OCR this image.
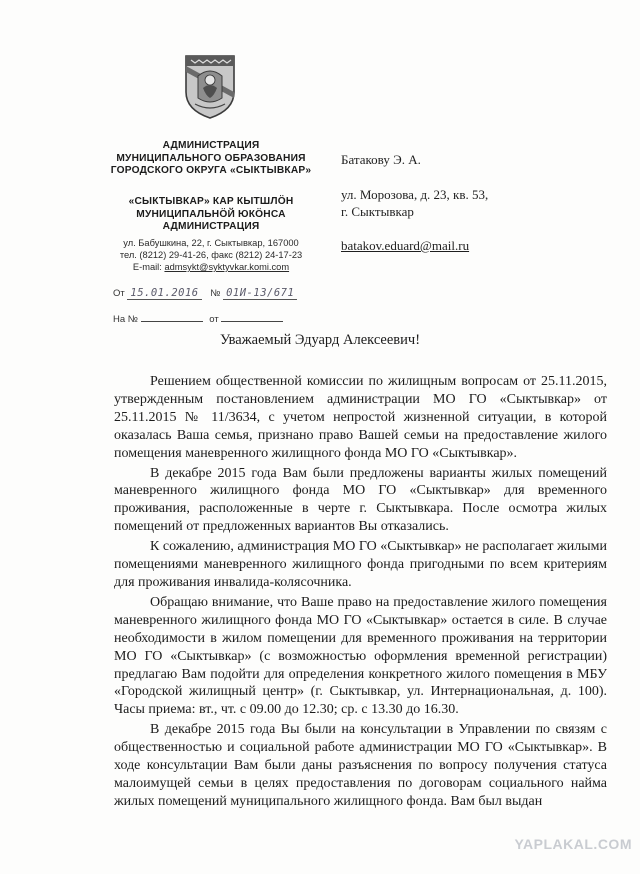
АДМИНИСТРАЦИЯ
МУНИЦИПАЛЬНОГО ОБРАЗОВАНИЯ
ГОРОДСКОГО ОКРУГА «СЫКТЫВКАР»
«СЫКТЫВКАР» КАР КЫТШЛÖН
МУНИЦИПАЛЬНÖЙ ЮКÖНСА
АДМИНИСТРАЦИЯ
ул. Бабушкина, 22, г. Сыктывкар, 167000
тел. (8212) 29-41-26, факс (8212) 24-17-23
E-mail: admsykt@syktyvkar.komi.com
От 15.01.2016 № 01И-13/671
На №	от
Батакову Э. А.
ул. Морозова, д. 23, кв. 53,
г. Сыктывкар
batakov.eduard@mail.ru
Уважаемый Эдуард Алексеевич!

Решением общественной комиссии по жилищным вопросам от 25.11.2015, утвержденным постановлением администрации МО ГО «Сыктывкар» от 25.11.2015 № 11/3634, с учетом непростой жизненной ситуации, в которой оказалась Ваша семья, признано право Вашей семьи на предоставление жилого помещения маневренного жилищного фонда МО ГО «Сыктывкар».

В декабре 2015 года Вам были предложены варианты жилых помещений маневренного жилищного фонда МО ГО «Сыктывкар» для временного проживания, расположенные в черте г. Сыктывкара. После осмотра жилых помещений от предложенных вариантов Вы отказались.

К сожалению, администрация МО ГО «Сыктывкар» не располагает жилыми помещениями маневренного жилищного фонда пригодными по всем критериям для проживания инвалида-колясочника.

Обращаю внимание, что Ваше право на предоставление жилого помещения маневренного жилищного фонда МО ГО «Сыктывкар» остается в силе. В случае необходимости в жилом помещении для временного проживания на территории МО ГО «Сыктывкар» (с возможностью оформления временной регистрации) предлагаю Вам подойти для определения конкретного жилого помещения в МБУ «Городской жилищный центр» (г. Сыктывкар, ул. Интернациональная, д. 100). Часы приема: вт., чт. с 09.00 до 12.30; ср. с 13.30 до 16.30.

В декабре 2015 года Вы были на консультации в Управлении по связям с общественностью и социальной работе администрации МО ГО «Сыктывкар». В ходе консультации Вам были даны разъяснения по вопросу получения статуса малоимущей семьи в целях предоставления по договорам социального найма жилых помещений муниципального жилищного фонда. Вам был выдан

YAPLAKAL.COM
